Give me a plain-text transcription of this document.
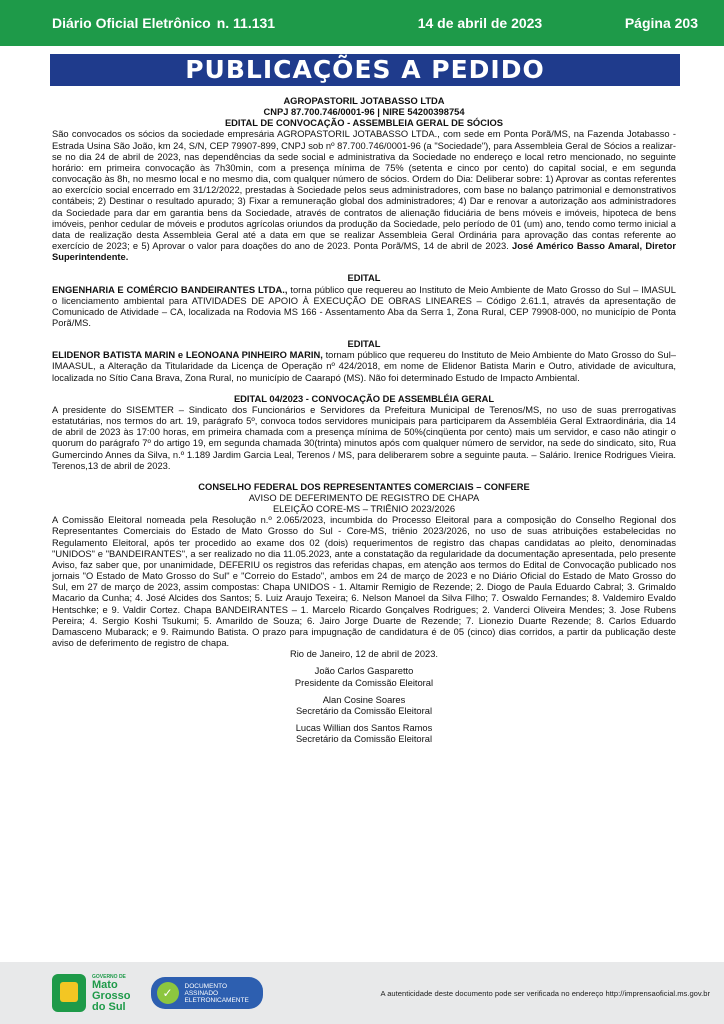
Diário Oficial Eletrônico n. 11.131	14 de abril de 2023	Página 203
PUBLICAÇÕES A PEDIDO

AGROPASTORIL JOTABASSO LTDA

CNPJ 87.700.746/0001-96 | NIRE 54200398754

EDITAL DE CONVOCAÇÃO - ASSEMBLEIA GERAL DE SÓCIOS

São convocados os sócios da sociedade empresária AGROPASTORIL JOTABASSO LTDA., com sede em Ponta Porã/MS, na Fazenda Jotabasso - Estrada Usina São João, km 24, S/N, CEP 79907-899, CNPJ sob nº 87.700.746/0001-96 (a "Sociedade"), para Assembleia Geral de Sócios a realizar-se no dia 24 de abril de 2023, nas dependências da sede social e administrativa da Sociedade no endereço e local retro mencionado, no seguinte horário: em primeira convocação às 7h30min, com a presença mínima de 75% (setenta e cinco por cento) do capital social, e em segunda convocação às 8h, no mesmo local e no mesmo dia, com qualquer número de sócios. Ordem do Dia: Deliberar sobre: 1) Aprovar as contas referentes ao exercício social encerrado em 31/12/2022, prestadas à Sociedade pelos seus administradores, com base no balanço patrimonial e demonstrativos contábeis; 2) Destinar o resultado apurado; 3) Fixar a remuneração global dos administradores; 4) Dar e renovar a autorização aos administradores da Sociedade para dar em garantia bens da Sociedade, através de contratos de alienação fiduciária de bens móveis e imóveis, hipoteca de bens imóveis, penhor cedular de móveis e produtos agrícolas oriundos da produção da Sociedade, pelo período de 01 (um) ano, tendo como termo inicial a data de realização desta Assembleia Geral até a data em que se realizar Assembleia Geral Ordinária para aprovação das contas referente ao exercício de 2023; e 5) Aprovar o valor para doações do ano de 2023. Ponta Porã/MS, 14 de abril de 2023. José Américo Basso Amaral, Diretor Superintendente.

EDITAL

ENGENHARIA E COMÉRCIO BANDEIRANTES LTDA., torna público que requereu ao Instituto de Meio Ambiente de Mato Grosso do Sul – IMASUL o licenciamento ambiental para ATIVIDADES DE APOIO À EXECUÇÃO DE OBRAS LINEARES – Código 2.61.1, através da apresentação de Comunicado de Atividade – CA, localizada na Rodovia MS 166 - Assentamento Aba da Serra 1, Zona Rural, CEP 79908-000, no município de Ponta Porã/MS.

EDITAL

ELIDENOR BATISTA MARIN e LEONOANA PINHEIRO MARIN, tornam público que requereu do Instituto de Meio Ambiente do Mato Grosso do Sul– IMAASUL, a Alteração da Titularidade da Licença de Operação nº 424/2018, em nome de Elidenor Batista Marin e Outro, atividade de avicultura, localizada no Sítio Cana Brava, Zona Rural, no município de Caarapó (MS). Não foi determinado Estudo de Impacto Ambiental.

EDITAL 04/2023 - CONVOCAÇÃO DE ASSEMBLÉIA GERAL

A presidente do SISEMTER – Sindicato dos Funcionários e Servidores da Prefeitura Municipal de Terenos/MS, no uso de suas prerrogativas estatutárias, nos termos do art. 19, parágrafo 5º, convoca todos servidores municipais para participarem da Assembléia Geral Extraordinária, dia 14 de abril de 2023 às 17:00 horas, em primeira chamada com a presença mínima de 50%(cinqüenta por cento) mais um servidor, e caso não atingir o quorum do parágrafo 7º do artigo 19, em segunda chamada 30(trinta) minutos após com qualquer número de servidor, na sede do sindicato, sito, Rua Gumercindo Annes da Silva, n.º 1.189 Jardim Garcia Leal, Terenos / MS, para deliberarem sobre a seguinte pauta. – Salário. Irenice Rodrigues Vieira. Terenos,13 de abril de 2023.

CONSELHO FEDERAL DOS REPRESENTANTES COMERCIAIS – CONFERE

AVISO DE DEFERIMENTO DE REGISTRO DE CHAPA

ELEIÇÃO CORE-MS – TRIÊNIO 2023/2026

A Comissão Eleitoral nomeada pela Resolução n.º 2.065/2023, incumbida do Processo Eleitoral para a composição do Conselho Regional dos Representantes Comerciais do Estado de Mato Grosso do Sul - Core-MS, triênio 2023/2026, no uso de suas atribuições estabelecidas no Regulamento Eleitoral, após ter procedido ao exame dos 02 (dois) requerimentos de registro das chapas candidatas ao pleito, denominadas "UNIDOS" e "BANDEIRANTES", a ser realizado no dia 11.05.2023, ante a constatação da regularidade da documentação apresentada, pelo presente Aviso, faz saber que, por unanimidade, DEFERIU os registros das referidas chapas, em atenção aos termos do Edital de Convocação publicado nos jornais "O Estado de Mato Grosso do Sul" e "Correio do Estado", ambos em 24 de março de 2023 e no Diário Oficial do Estado de Mato Grosso do Sul, em 27 de março de 2023, assim compostas: Chapa UNIDOS - 1. Altamir Remigio de Rezende; 2. Diogo de Paula Eduardo Cabral; 3. Grimaldo Macario da Cunha; 4. José Alcides dos Santos; 5. Luiz Araujo Texeira; 6. Nelson Manoel da Silva Filho; 7. Oswaldo Fernandes; 8. Valdemiro Evaldo Hentschke; e 9. Valdir Cortez. Chapa BANDEIRANTES – 1. Marcelo Ricardo Gonçalves Rodrigues; 2. Vanderci Oliveira Mendes; 3. Jose Rubens Pereira; 4. Sergio Koshi Tsukumi; 5. Amarildo de Souza; 6. Jairo Jorge Duarte de Rezende; 7. Lionezio Duarte Rezende; 8. Carlos Eduardo Damasceno Mubarack; e 9. Raimundo Batista. O prazo para impugnação de candidatura é de 05 (cinco) dias corridos, a partir da publicação deste aviso de deferimento de registro de chapa.

Rio de Janeiro, 12 de abril de 2023.

João Carlos Gasparetto

Presidente da Comissão Eleitoral

Alan Cosine Soares

Secretário da Comissão Eleitoral

Lucas Willian dos Santos Ramos

Secretário da Comissão Eleitoral

GOVERNO DE
Mato
Grosso
do Sul
✓	DOCUMENTO
ASSINADO
ELETRONICAMENTE
A autenticidade deste documento pode ser verificada no endereço http://imprensaoficial.ms.gov.br
